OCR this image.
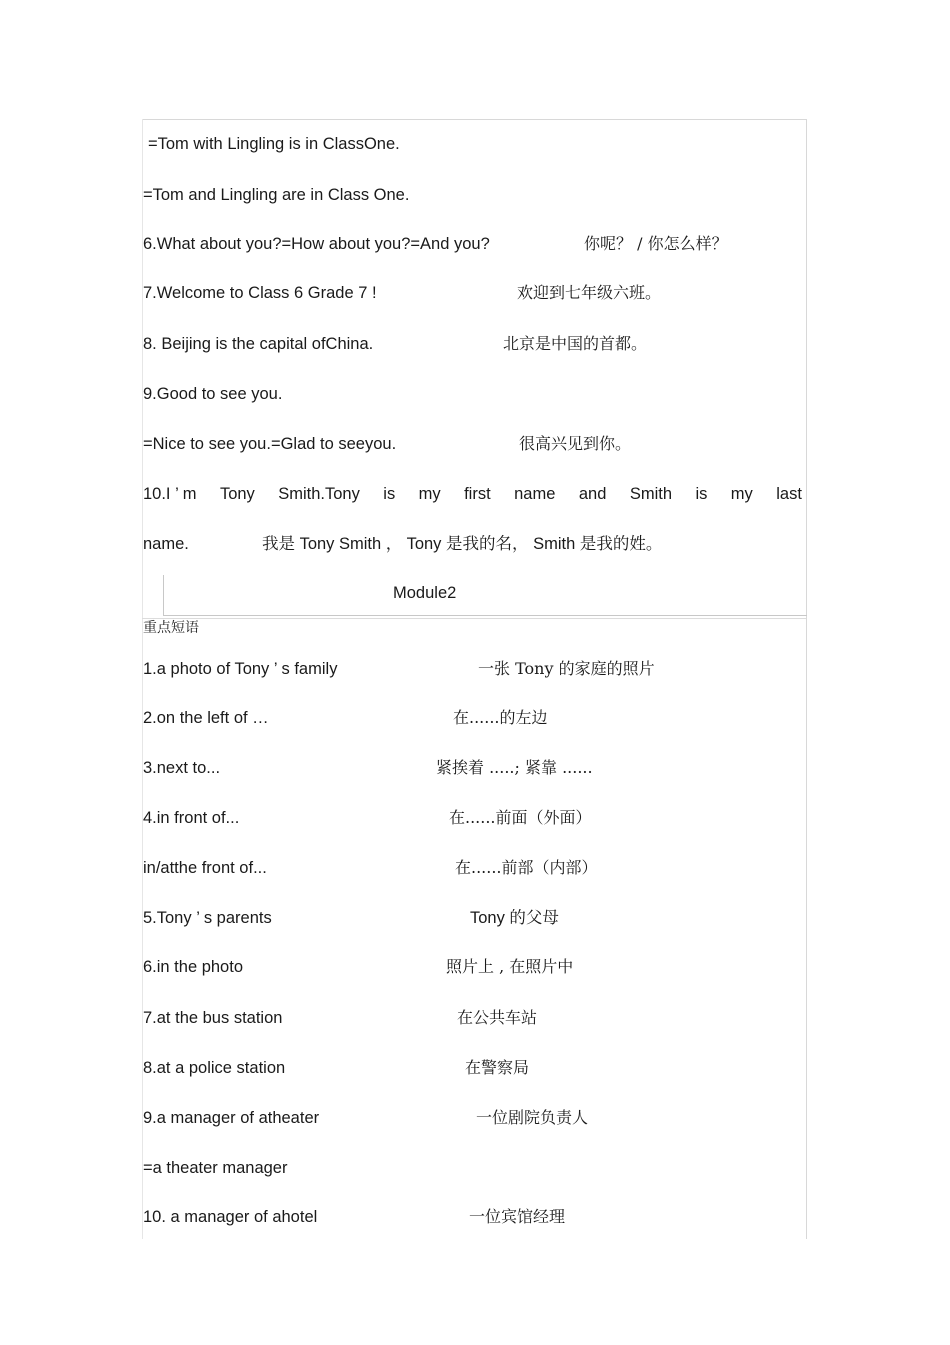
=Tom with Lingling is in ClassOne.
=Tom and Lingling are in Class One.
6.What about you?=How about you?=And you?	你呢？ / 你怎么样？
7.Welcome to Class 6 Grade 7 !	欢迎到七年级六班。
8. Beijing is the capital ofChina.	北京是中国的首都。
9.Good to see you.
=Nice to see you.=Glad to seeyou.	很高兴见到你。
10.I ’ m Tony Smith.Tony is my first name and Smith is my last
name.	我是 Tony Smith ， Tony 是我的名， Smith 是我的姓。
Module2
重点短语
1.a photo of Tony ’ s family	一张 Tony 的家庭的照片
2.on the left of …	在......的左边
3.next to...	紧挨着 .....; 紧靠 ......
4.in front of...	在......前面（外面）
in/atthe front of...	在......前部（内部）
5.Tony ’ s parents	Tony 的父母
6.in the photo	照片上 , 在照片中
7.at the bus station	在公共车站
8.at a police station	在警察局
9.a manager of atheater	一位剧院负责人
=a theater manager
10. a manager of ahotel	一位宾馆经理
